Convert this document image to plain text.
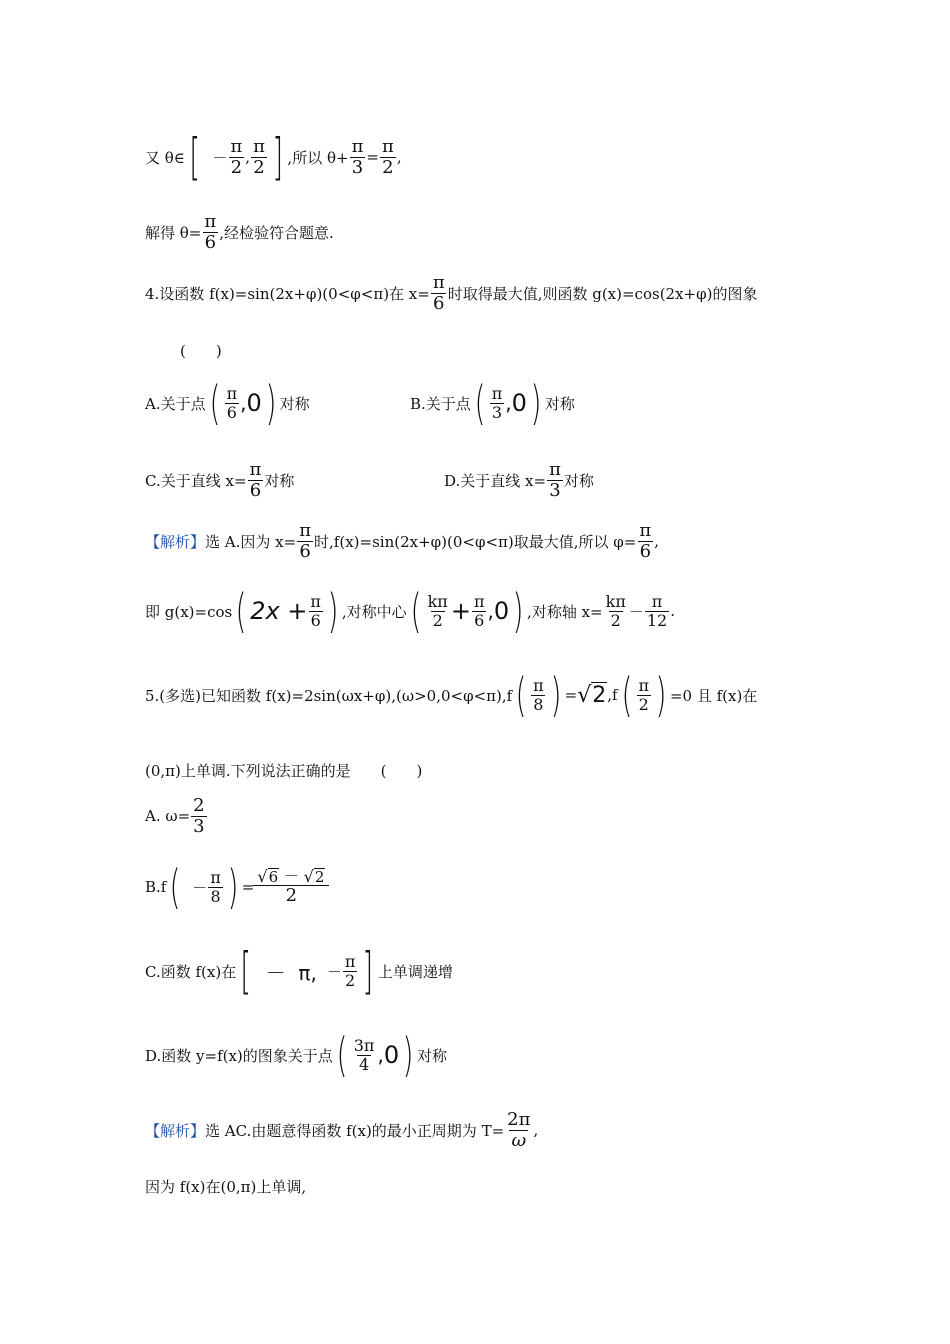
又 θ∈ [ － $\frac{\pi}{2}$ , $\frac{\pi}{2}$ ] ,所以 $\theta+ \frac{\pi}{3} = \frac{\pi}{2}$ ,
解得 $\theta= \frac{\pi}{6}$ ,经检验符合题意.
4.设函数 f(x)=sin(2x+φ)(0<φ<π)在 $x= \frac{\pi}{6}$ 时取得最大值,则函数 g(x)=cos(2x+φ)的图象
(　　)
A.关于点 ( $\frac{\pi}{6}$ , 0 ) 对称	B.关于点 ( $\frac{\pi}{3}$ , 0 ) 对称
C.关于直线 $x= \frac{\pi}{6}$ 对称	D.关于直线 $x= \frac{\pi}{3}$ 对称
【解析】 选 A.因为 $x= \frac{\pi}{6}$ 时,f(x)=sin(2x+φ)(0<φ<π)取最大值,所以 $\varphi= \frac{\pi}{6}$ ,
即 g(x)=cos ( $2x + \frac{\pi}{6}$ ) ,对称中心 ( $\frac{k\pi}{2} + \frac{\pi}{6}$ , 0 ) ,对称轴 $x= \frac{k\pi}{2} - \frac{\pi}{12}$ .
5.(多选)已知函数 f(x)=2sin(ωx+φ),(ω>0,0<φ<π),f ( $\frac{\pi}{8}$ ) = √ 2 ,f ( $\frac{\pi}{2}$ ) =0 且 f(x)在
(0,π)上单调.下列说法正确的是　　(　　)
A. $\omega= \frac{2}{3}$
B.f ( － $\frac{\pi}{8}$ ) = $\frac{√ 6 - √ 2}{2}$
C.函数 f(x)在 [ －  π, － $\frac{\pi}{2}$ ] 上单调递增
D.函数 y=f(x)的图象关于点 ( $\frac{3\pi}{4}$ , 0 ) 对称
【解析】 选 AC.由题意得函数 f(x)的最小正周期为 $T= \frac{2\pi}{\omega}$ ,
因为 f(x)在(0,π)上单调,
